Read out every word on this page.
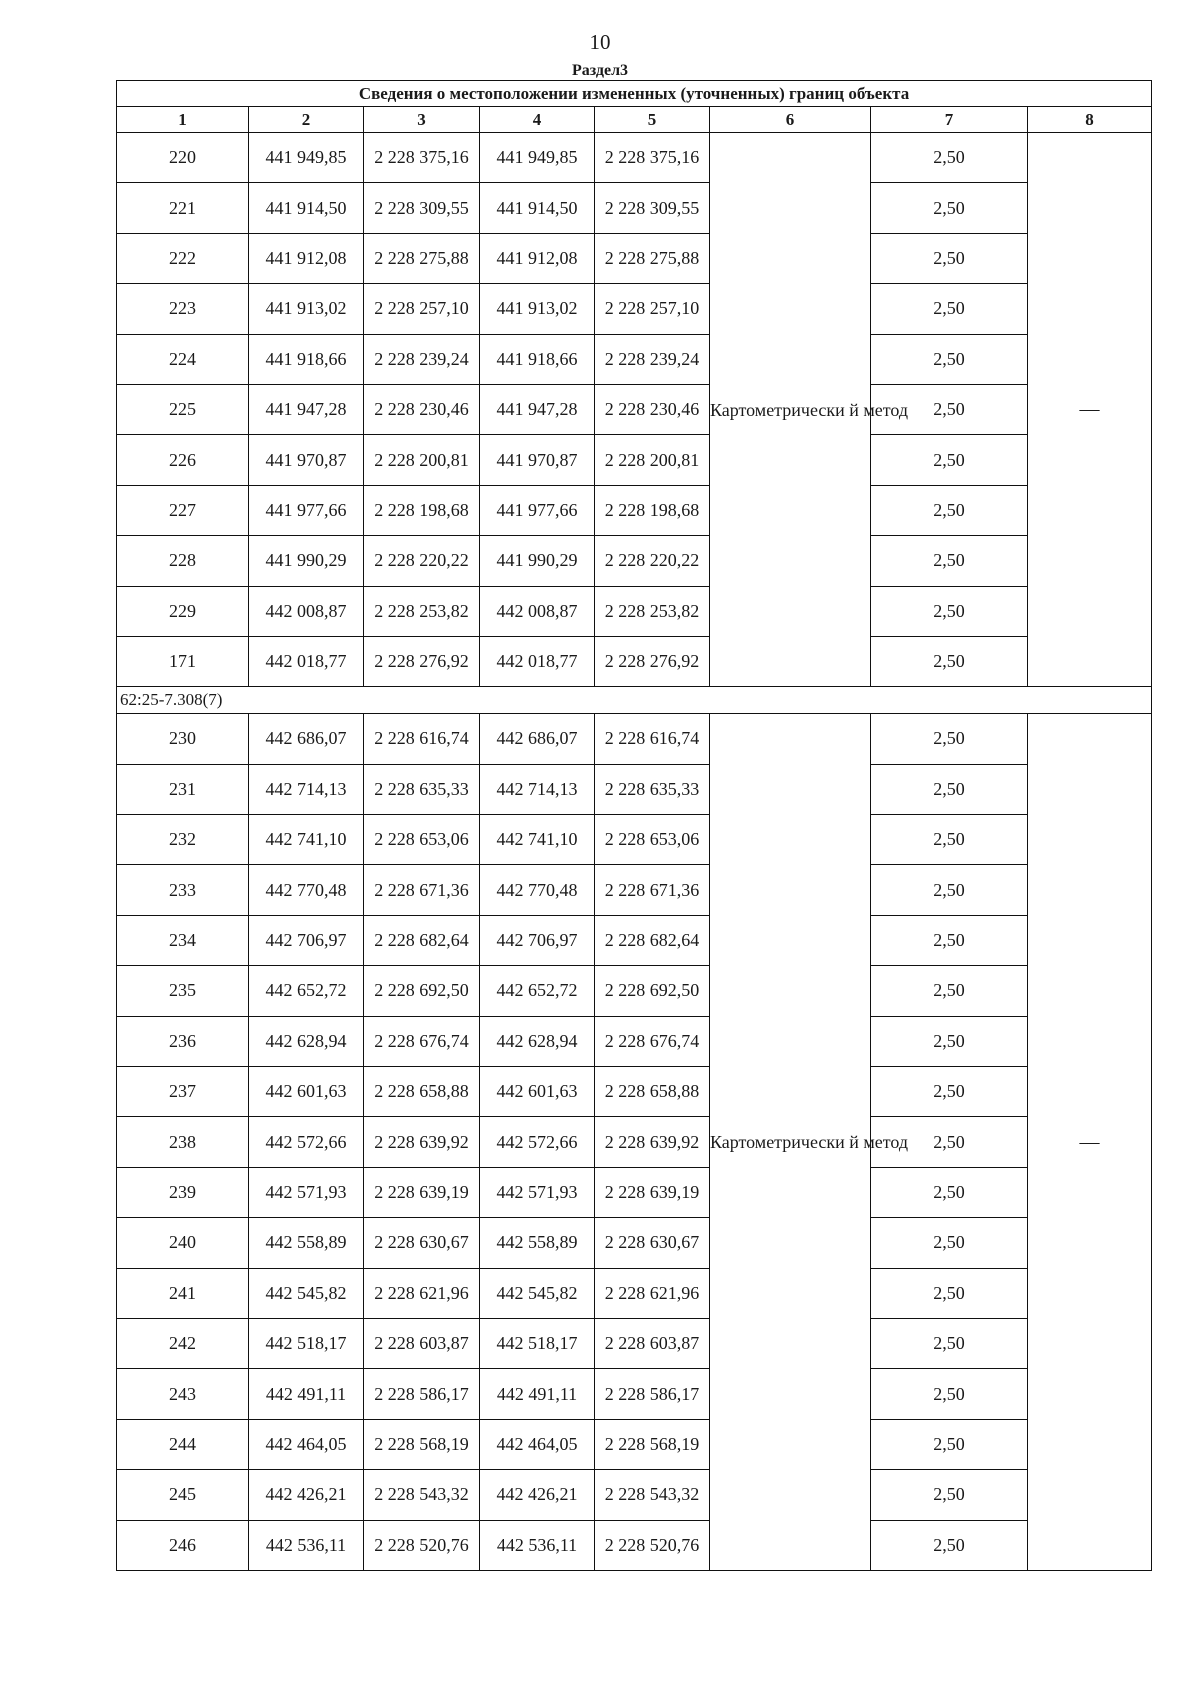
10
Раздел3
Сведения о местоположении измененных (уточненных) границ объекта							
1	2	3	4	5	6	7	8
220	441 949,85	2 228 375,16	441 949,85	2 228 375,16	Картометрически й метод	2,50	—
221	441 914,50	2 228 309,55	441 914,50	2 228 309,55		2,50	
222	441 912,08	2 228 275,88	441 912,08	2 228 275,88		2,50	
223	441 913,02	2 228 257,10	441 913,02	2 228 257,10		2,50	
224	441 918,66	2 228 239,24	441 918,66	2 228 239,24		2,50	
225	441 947,28	2 228 230,46	441 947,28	2 228 230,46		2,50	
226	441 970,87	2 228 200,81	441 970,87	2 228 200,81		2,50	
227	441 977,66	2 228 198,68	441 977,66	2 228 198,68		2,50	
228	441 990,29	2 228 220,22	441 990,29	2 228 220,22		2,50	
229	442 008,87	2 228 253,82	442 008,87	2 228 253,82		2,50	
171	442 018,77	2 228 276,92	442 018,77	2 228 276,92		2,50	
62:25-7.308(7)							
230	442 686,07	2 228 616,74	442 686,07	2 228 616,74	Картометрически й метод	2,50	—
231	442 714,13	2 228 635,33	442 714,13	2 228 635,33		2,50	
232	442 741,10	2 228 653,06	442 741,10	2 228 653,06		2,50	
233	442 770,48	2 228 671,36	442 770,48	2 228 671,36		2,50	
234	442 706,97	2 228 682,64	442 706,97	2 228 682,64		2,50	
235	442 652,72	2 228 692,50	442 652,72	2 228 692,50		2,50	
236	442 628,94	2 228 676,74	442 628,94	2 228 676,74		2,50	
237	442 601,63	2 228 658,88	442 601,63	2 228 658,88		2,50	
238	442 572,66	2 228 639,92	442 572,66	2 228 639,92		2,50	
239	442 571,93	2 228 639,19	442 571,93	2 228 639,19		2,50	
240	442 558,89	2 228 630,67	442 558,89	2 228 630,67		2,50	
241	442 545,82	2 228 621,96	442 545,82	2 228 621,96		2,50	
242	442 518,17	2 228 603,87	442 518,17	2 228 603,87		2,50	
243	442 491,11	2 228 586,17	442 491,11	2 228 586,17		2,50	
244	442 464,05	2 228 568,19	442 464,05	2 228 568,19		2,50	
245	442 426,21	2 228 543,32	442 426,21	2 228 543,32		2,50	
246	442 536,11	2 228 520,76	442 536,11	2 228 520,76		2,50	
